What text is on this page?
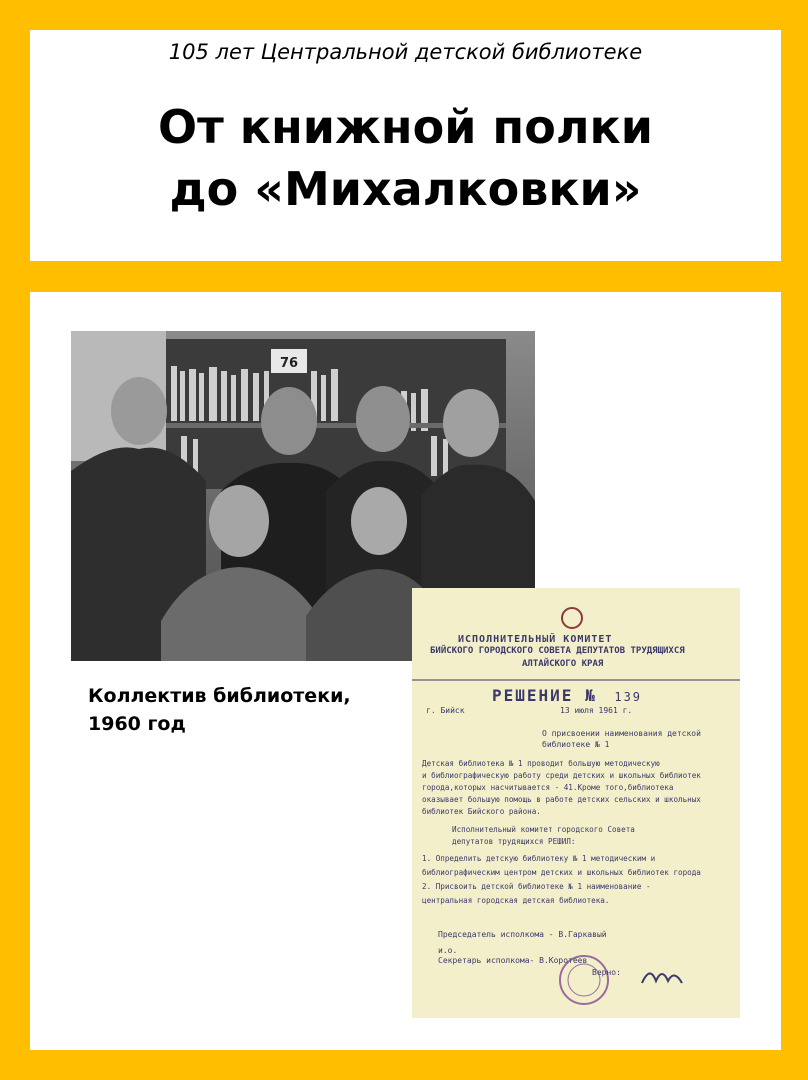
105 лет Центральной детской библиотеке
От книжной полки
до «Михалковки»
76
Коллектив библиотеки,
1960 год
ИСПОЛНИТЕЛЬНЫЙ КОМИТЕТ
БИЙСКОГО ГОРОДСКОГО СОВЕТА ДЕПУТАТОВ ТРУДЯЩИХСЯ
АЛТАЙСКОГО КРАЯ
РЕШЕНИЕ № 139
г. Бийск	13 июля 1961 г.
О присвоении наименования детской библиотеке № 1
Детская библиотека № 1 проводит большую методическую
и библиографическую работу среди детских и школьных библиотек
города,которых насчитывается - 41.Кроме того,библиотека
оказывает большую помощь в работе детских сельских и школьных
библиотек Бийского района.
Исполнительный комитет городского Совета
депутатов трудящихся РЕШИЛ:
1. Определить детскую библиотеку № 1 методическим и
библиографическим центром детских и школьных библиотек города
2. Присвоить детской библиотеке № 1 наименование -
центральная городская детская библиотека.
Председатель исполкома - В.Гаркавый
и.о.
Секретарь исполкома- В.Коротеев
Верно:
